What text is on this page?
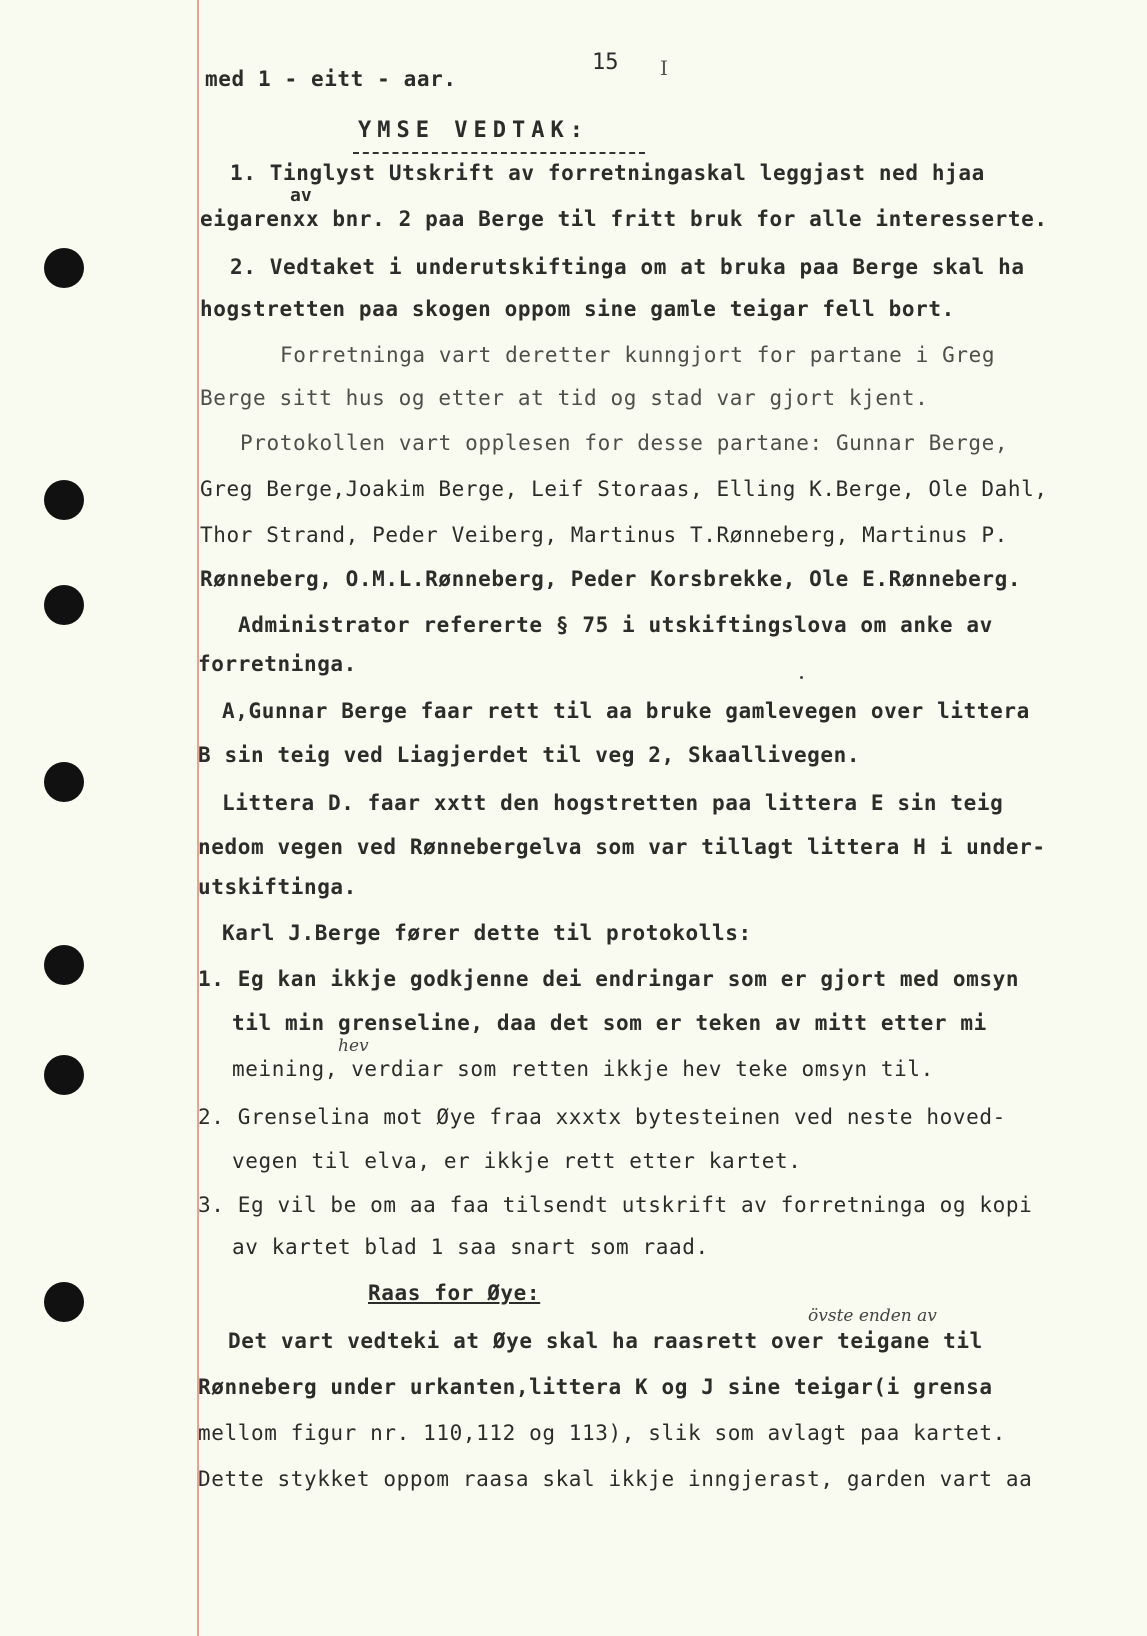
15 I
med 1 - eitt - aar.
YMSE VEDTAK:
1. Tinglyst Utskrift av forretningaskal leggjast ned hjaa
av
eigarenxx bnr. 2 paa Berge til fritt bruk for alle interesserte.
2. Vedtaket i underutskiftinga om at bruka paa Berge skal ha
hogstretten paa skogen oppom sine gamle teigar fell bort.
Forretninga vart deretter kunngjort for partane i Greg
Berge sitt hus og etter at tid og stad var gjort kjent.
Protokollen vart opplesen for desse partane: Gunnar Berge,
Greg Berge,Joakim Berge, Leif Storaas, Elling K.Berge, Ole Dahl,
Thor Strand, Peder Veiberg, Martinus T.Rønneberg, Martinus P.
Rønneberg, O.M.L.Rønneberg, Peder Korsbrekke, Ole E.Rønneberg.
Administrator refererte § 75 i utskiftingslova om anke av
forretninga.
A,Gunnar Berge faar rett til aa bruke gamlevegen over littera
B sin teig ved Liagjerdet til veg 2, Skaallivegen.
Littera D. faar xxtt den hogstretten paa littera E sin teig
nedom vegen ved Rønnebergelva som var tillagt littera H i under-
utskiftinga.
Karl J.Berge fører dette til protokolls:
1. Eg kan ikkje godkjenne dei endringar som er gjort med omsyn
til min grenseline, daa det som er teken av mitt etter mi
hev
meining, verdiar som retten ikkje hev teke omsyn til.
2. Grenselina mot Øye fraa xxxtx bytesteinen ved neste hoved-
vegen til elva, er ikkje rett etter kartet.
3. Eg vil be om aa faa tilsendt utskrift av forretninga og kopi
av kartet blad 1 saa snart som raad.
Raas for Øye:
övste enden av
Det vart vedteki at Øye skal ha raasrett over teigane til
Rønneberg under urkanten,littera K og J sine teigar(i grensa
mellom figur nr. 110,112 og 113), slik som avlagt paa kartet.
Dette stykket oppom raasa skal ikkje inngjerast, garden vart aa
